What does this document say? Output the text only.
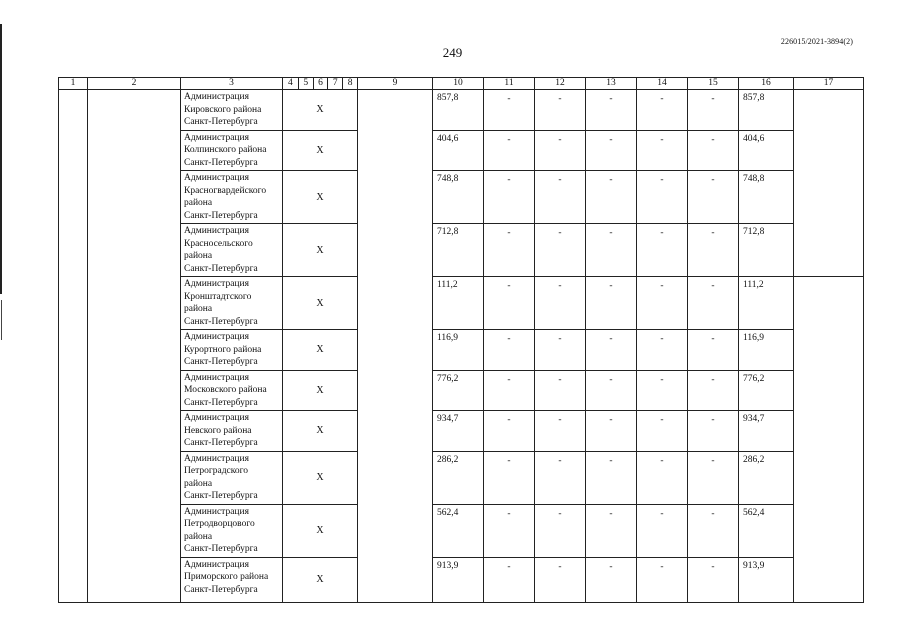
226015/2021-3894(2)
249
1	2	3	4 5 6 7 8	9	10	11	12	13	14	15	16	17

		Администрация
Кировского района
Санкт-Петербурга	X		857,8	-	-	-	-	-	857,8	

		Администрация
Колпинского района
Санкт-Петербурга	X		404,6	-	-	-	-	-	404,6	

		Администрация
Красногвардейского
района
Санкт-Петербурга	X		748,8	-	-	-	-	-	748,8	

		Администрация
Красносельского
района
Санкт-Петербурга	X		712,8	-	-	-	-	-	712,8	

		Администрация
Кронштадтского
района
Санкт-Петербурга	X		111,2	-	-	-	-	-	111,2	

		Администрация
Курортного района
Санкт-Петербурга	X		116,9	-	-	-	-	-	116,9	

		Администрация
Московского района
Санкт-Петербурга	X		776,2	-	-	-	-	-	776,2	

		Администрация
Невского района
Санкт-Петербурга	X		934,7	-	-	-	-	-	934,7	

		Администрация
Петроградского
района
Санкт-Петербурга	X		286,2	-	-	-	-	-	286,2	

		Администрация
Петродворцового
района
Санкт-Петербурга	X		562,4	-	-	-	-	-	562,4	

		Администрация
Приморского района
Санкт-Петербурга	X		913,9	-	-	-	-	-	913,9	
